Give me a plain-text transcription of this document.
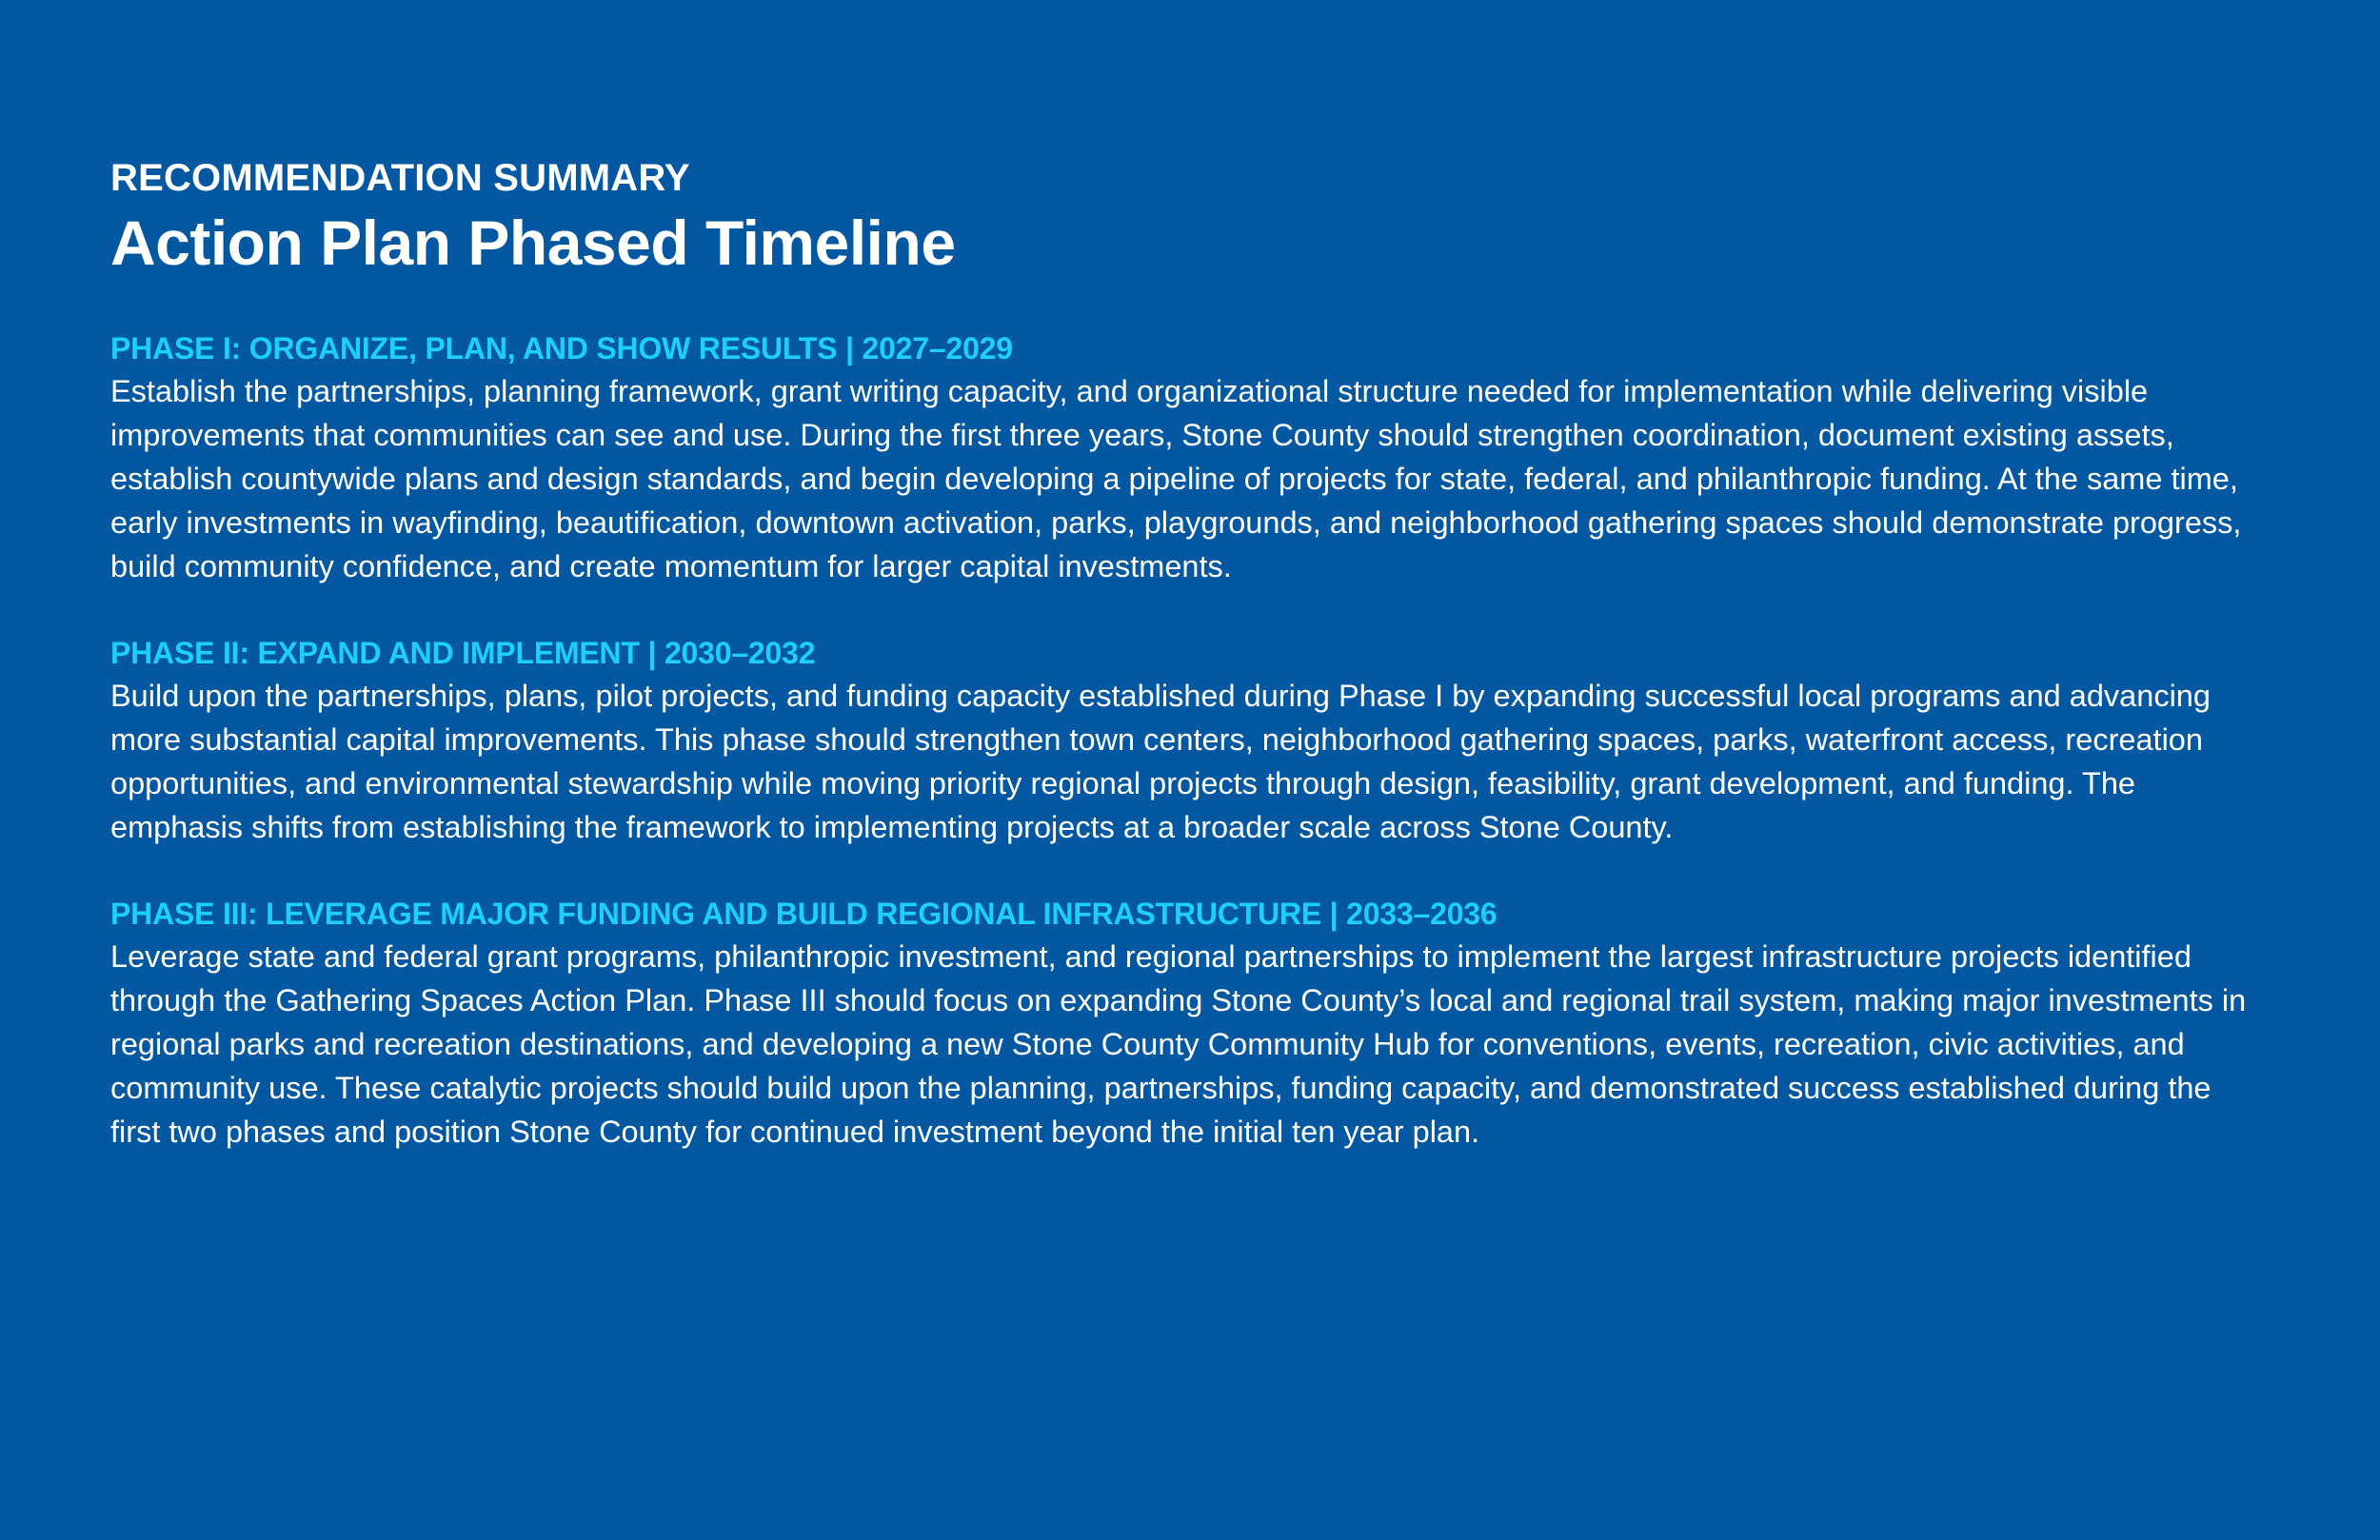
RECOMMENDATION SUMMARY
Action Plan Phased Timeline
PHASE I: ORGANIZE, PLAN, AND SHOW RESULTS | 2027–2029

Establish the partnerships, planning framework, grant writing capacity, and organizational structure needed for implementation while delivering visible improvements that communities can see and use. During the first three years, Stone County should strengthen coordination, document existing assets, establish countywide plans and design standards, and begin developing a pipeline of projects for state, federal, and philanthropic funding. At the same time, early investments in wayfinding, beautification, downtown activation, parks, playgrounds, and neighborhood gathering spaces should demonstrate progress, build community confidence, and create momentum for larger capital investments.

PHASE II: EXPAND AND IMPLEMENT | 2030–2032

Build upon the partnerships, plans, pilot projects, and funding capacity established during Phase I by expanding successful local programs and advancing more substantial capital improvements. This phase should strengthen town centers, neighborhood gathering spaces, parks, waterfront access, recreation opportunities, and environmental stewardship while moving priority regional projects through design, feasibility, grant development, and funding. The emphasis shifts from establishing the framework to implementing projects at a broader scale across Stone County.

PHASE III: LEVERAGE MAJOR FUNDING AND BUILD REGIONAL INFRASTRUCTURE | 2033–2036

Leverage state and federal grant programs, philanthropic investment, and regional partnerships to implement the largest infrastructure projects identified through the Gathering Spaces Action Plan. Phase III should focus on expanding Stone County’s local and regional trail system, making major investments in regional parks and recreation destinations, and developing a new Stone County Community Hub for conventions, events, recreation, civic activities, and community use. These catalytic projects should build upon the planning, partnerships, funding capacity, and demonstrated success established during the first two phases and position Stone County for continued investment beyond the initial ten year plan.
